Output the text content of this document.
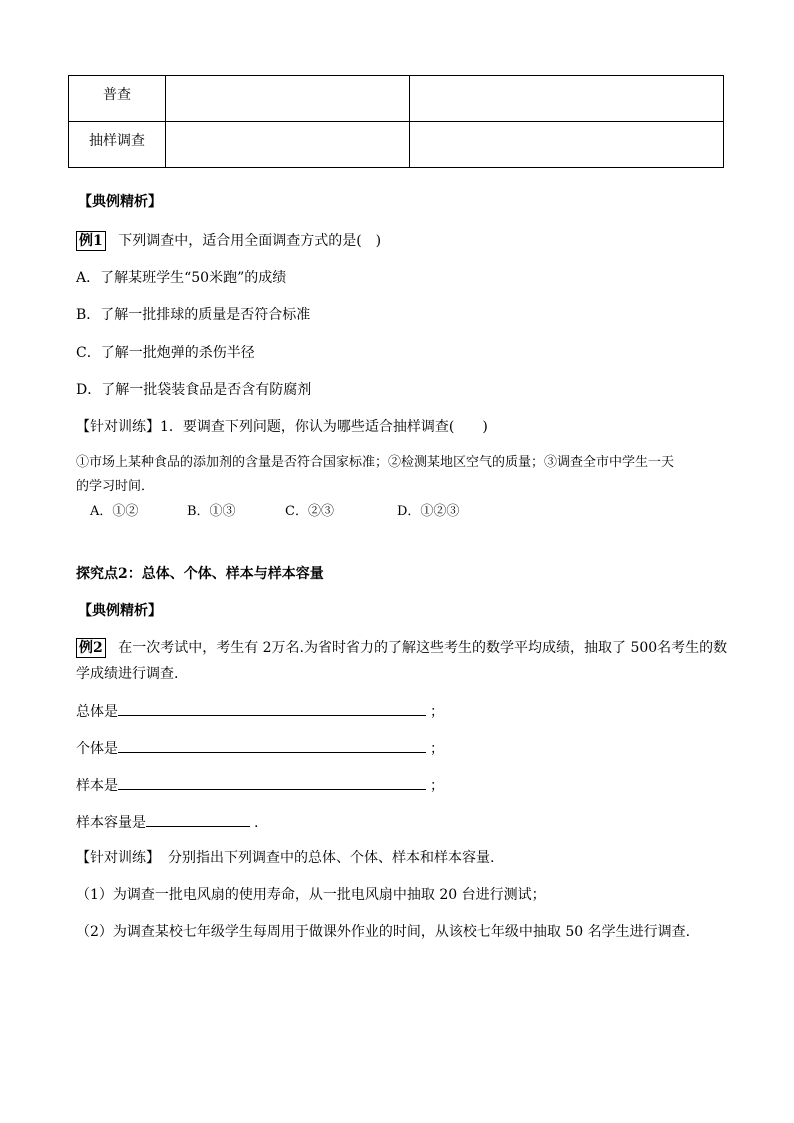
普查		
抽样调查		
【典例精析】
例1 下列调查中，适合用全面调查方式的是(　)
A．了解某班学生“50米跑”的成绩
B．了解一批排球的质量是否符合标准
C．了解一批炮弹的杀伤半径
D．了解一批袋装食品是否含有防腐剂
【针对训练】1．要调查下列问题，你认为哪些适合抽样调查(　　)
①市场上某种食品的添加剂的含量是否符合国家标准；②检测某地区空气的质量；③调查全市中学生一天
的学习时间．
A．①②	B．①③	C．②③	D．①②③
探究点2：总体、个体、样本与样本容量
【典例精析】
例2 在一次考试中，考生有 2万名.为省时省力的了解这些考生的数学平均成绩，抽取了 500名考生的数
学成绩进行调查.
总体是	；
个体是	；
样本是	；
样本容量是	.
【针对训练】 分别指出下列调查中的总体、个体、样本和样本容量.
（1）为调查一批电风扇的使用寿命，从一批电风扇中抽取 20 台进行测试；
（2）为调查某校七年级学生每周用于做课外作业的时间，从该校七年级中抽取 50 名学生进行调查.
